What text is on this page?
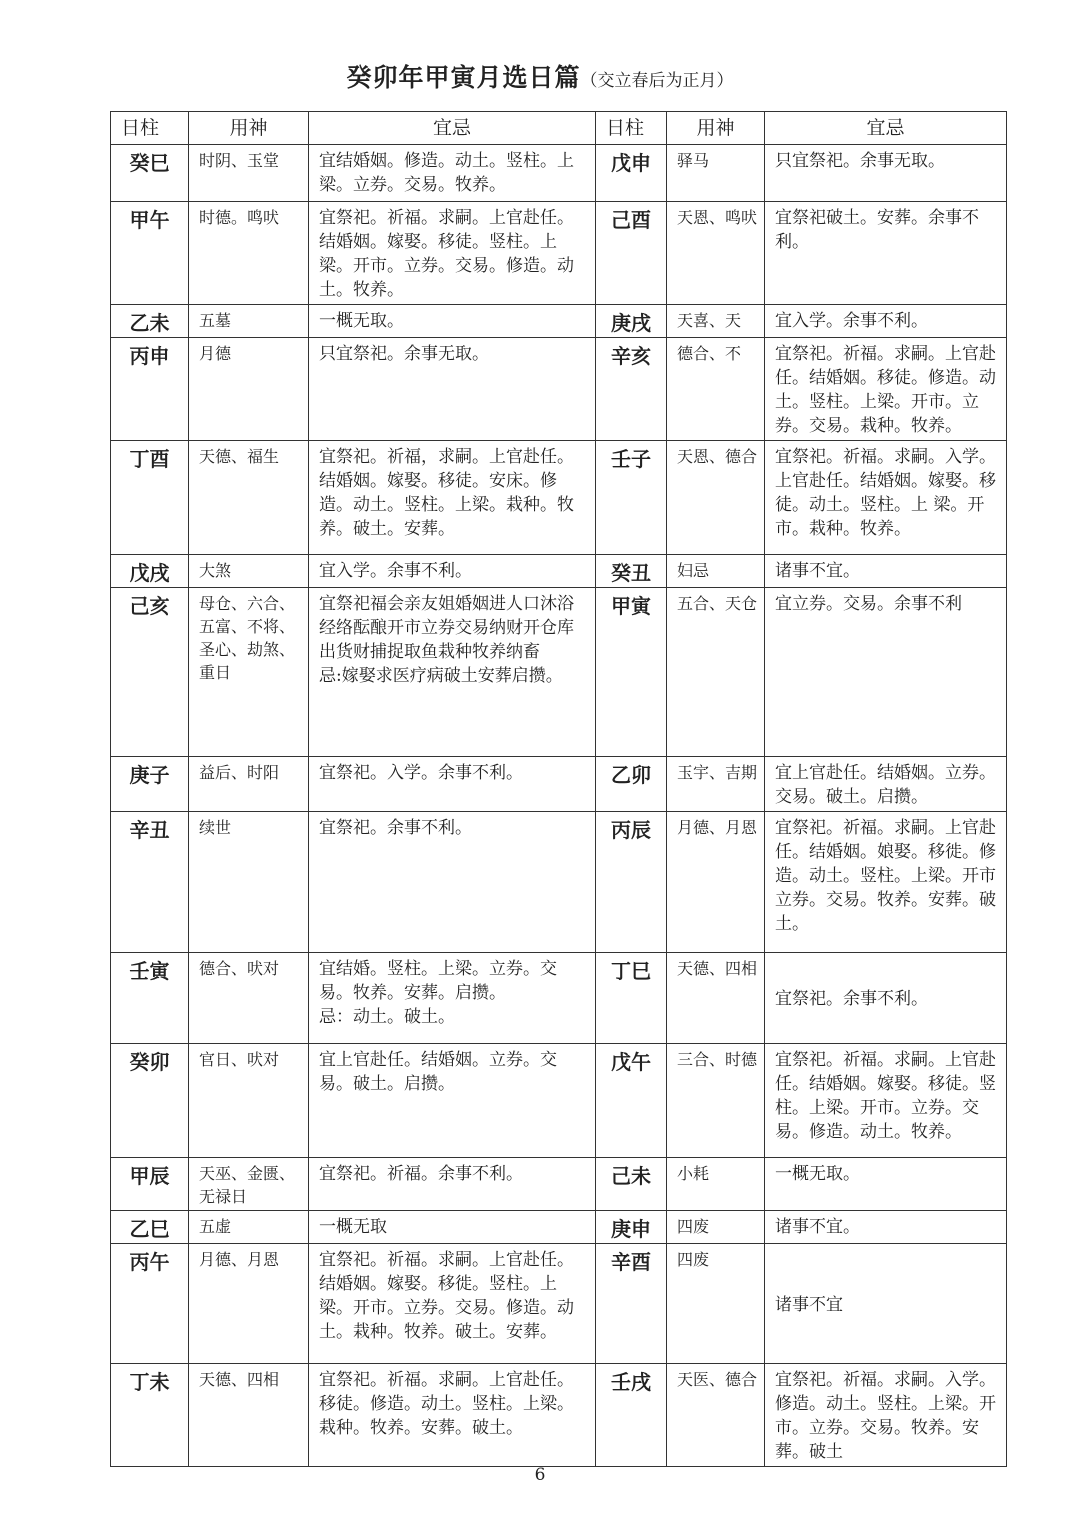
癸卯年甲寅月选日篇（交立春后为正月）
日柱	用神	宜忌	日柱	用神	宜忌
癸巳	时阴、玉堂	宜结婚姻。修造。动土。竖柱。上梁。立券。交易。牧养。	戊申	驿马	只宜祭祀。余事无取。

甲午	时德。鸣吠	宜祭祀。祈福。求嗣。上官赴任。结婚姻。嫁娶。移徒。竖柱。上梁。开市。立券。交易。修造。动土。牧养。	己酉	天恩、鸣吠	宜祭祀破土。安葬。余事不利。

乙未	五墓	一概无取。	庚戌	天喜、天	宜入学。余事不利。

丙申	月德	只宜祭祀。余事无取。	辛亥	德合、不	宜祭祀。祈福。求嗣。上官赴任。结婚姻。移徒。修造。动土。竖柱。上梁。开市。立券。交易。栽种。牧养。

丁酉	天德、福生	宜祭祀。祈福，求嗣。上官赴任。结婚姻。嫁娶。移徒。安床。修造。动土。竖柱。上梁。栽种。牧养。破土。安葬。	壬子	天恩、德合	宜祭祀。祈福。求嗣。入学。上官赴任。结婚姻。嫁娶。移徒。动土。竖柱。上 梁。开市。栽种。牧养。

戊戌	大煞	宜入学。余事不利。	癸丑	妇忌	诸事不宜。

己亥	母仓、六合、五富、不将、圣心、劫煞、重日	宜祭祀福会亲友姐婚姻进人口沐浴经络酝酿开市立券交易纳财开仓库出货财捕捉取鱼栽种牧养纳畜
忌:嫁娶求医疗病破土安葬启攒。	甲寅	五合、天仓	宜立券。交易。余事不利

庚子	益后、时阳	宜祭祀。入学。余事不利。	乙卯	玉宇、吉期	宜上官赴任。结婚姻。立券。交易。破土。启攒。

辛丑	续世	宜祭祀。余事不利。	丙辰	月德、月恩	宜祭祀。祈福。求嗣。上官赴任。结婚姻。娘娶。移徙。修造。动土。竖柱。上梁。开市立券。交易。牧养。安葬。破土。

壬寅	德合、吠对	宜结婚。竖柱。上梁。立券。交易。牧养。安葬。启攒。
忌：动土。破土。	丁巳	天德、四相	宜祭祀。余事不利。

癸卯	官日、吠对	宜上官赴任。结婚姻。立券。交易。破土。启攒。	戊午	三合、时德	宜祭祀。祈福。求嗣。上官赴任。结婚姻。嫁娶。移徒。竖柱。上梁。开市。立券。交易。修造。动土。牧养。

甲辰	天巫、金匮、无禄日	宜祭祀。祈福。余事不利。	己未	小耗	一概无取。

乙巳	五虚	一概无取	庚申	四废	诸事不宜。

丙午	月德、月恩	宜祭祀。祈福。求嗣。上官赴任。结婚姻。嫁娶。移徙。竖柱。上梁。开市。立券。交易。修造。动土。栽种。牧养。破土。安葬。	辛酉	四废	诸事不宜

丁未	天德、四相	宜祭祀。祈福。求嗣。上官赴任。移徒。修造。动土。竖柱。上梁。栽种。牧养。安葬。破土。	壬戌	天医、德合	宜祭祀。祈福。求嗣。入学。修造。动土。竖柱。上梁。开市。立券。交易。牧养。安葬。破土
6
